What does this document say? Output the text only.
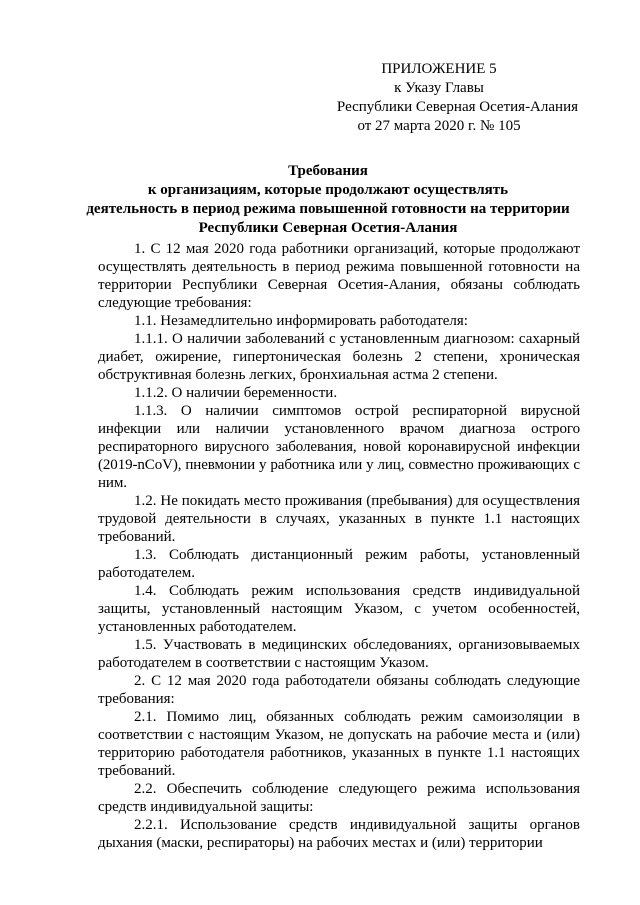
ПРИЛОЖЕНИЕ 5
к Указу Главы
Республики Северная Осетия-Алания
от 27 марта 2020 г. № 105
Требования
к организациям, которые продолжают осуществлять
деятельность в период режима повышенной готовности на территории
Республики Северная Осетия-Алания

1. С 12 мая 2020 года работники организаций, которые продолжают осуществлять деятельность в период режима повышенной готовности на территории Республики Северная Осетия-Алания, обязаны соблюдать следующие требования:

1.1. Незамедлительно информировать работодателя:

1.1.1. О наличии заболеваний с установленным диагнозом: сахарный диабет, ожирение, гипертоническая болезнь 2 степени, хроническая обструктивная болезнь легких, бронхиальная астма 2 степени.

1.1.2. О наличии беременности.

1.1.3. О наличии симптомов острой респираторной вирусной инфекции или наличии установленного врачом диагноза острого респираторного вирусного заболевания, новой коронавирусной инфекции (2019-nCoV), пневмонии у работника или у лиц, совместно проживающих с ним.

1.2. Не покидать место проживания (пребывания) для осуществления трудовой деятельности в случаях, указанных в пункте 1.1 настоящих требований.

1.3. Соблюдать дистанционный режим работы, установленный работодателем.

1.4. Соблюдать режим использования средств индивидуальной защиты, установленный настоящим Указом, с учетом особенностей, установленных работодателем.

1.5. Участвовать в медицинских обследованиях, организовываемых работодателем в соответствии с настоящим Указом.

2. С 12 мая 2020 года работодатели обязаны соблюдать следующие требования:

2.1. Помимо лиц, обязанных соблюдать режим самоизоляции в соответствии с настоящим Указом, не допускать на рабочие места и (или) территорию работодателя работников, указанных в пункте 1.1 настоящих требований.

2.2. Обеспечить соблюдение следующего режима использования средств индивидуальной защиты:

2.2.1. Использование средств индивидуальной защиты органов дыхания (маски, респираторы) на рабочих местах и (или) территории
